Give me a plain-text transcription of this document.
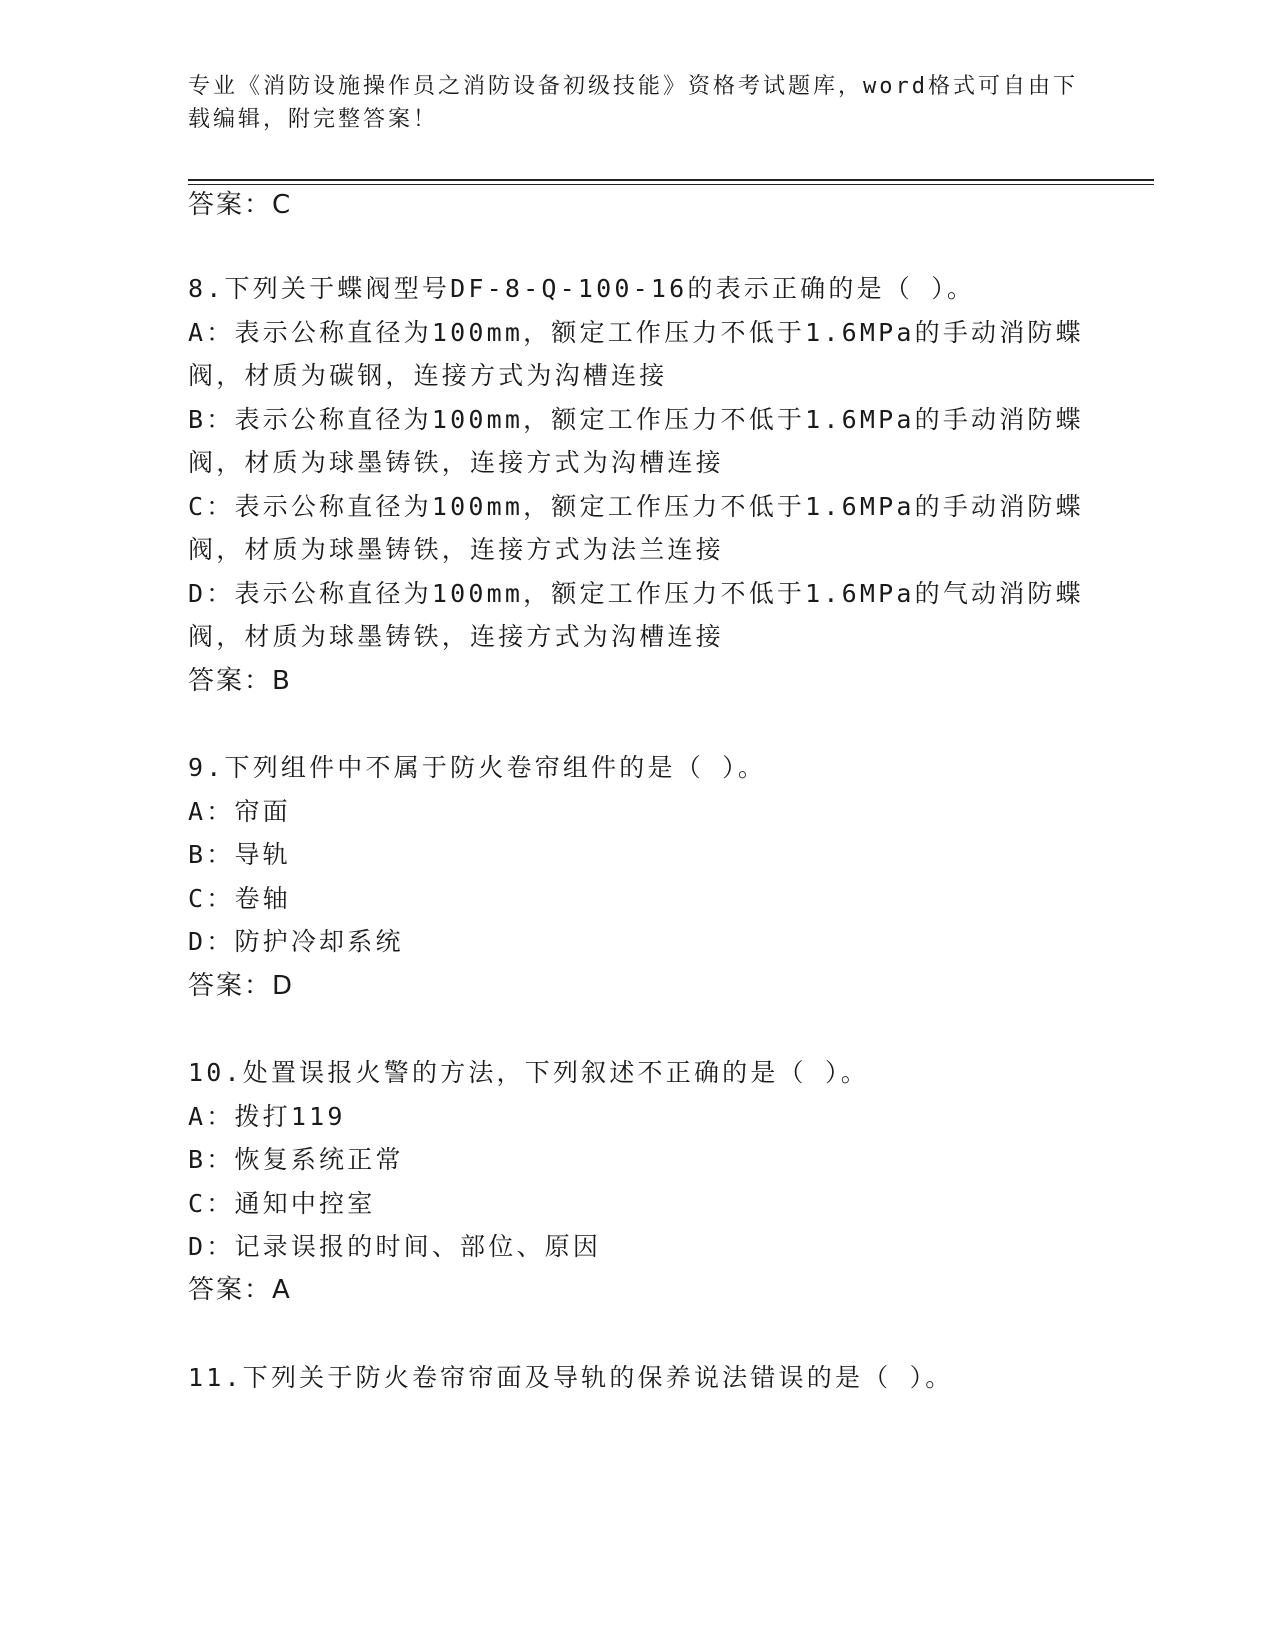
专业《消防设施操作员之消防设备初级技能》资格考试题库，word格式可自由下
载编辑，附完整答案！
答案：C
8.下列关于蝶阀型号DF-8-Q-100-16的表示正确的是（ ）。
A：表示公称直径为100mm，额定工作压力不低于1.6MPa的手动消防蝶
阀，材质为碳钢，连接方式为沟槽连接
B：表示公称直径为100mm，额定工作压力不低于1.6MPa的手动消防蝶
阀，材质为球墨铸铁，连接方式为沟槽连接
C：表示公称直径为100mm，额定工作压力不低于1.6MPa的手动消防蝶
阀，材质为球墨铸铁，连接方式为法兰连接
D：表示公称直径为100mm，额定工作压力不低于1.6MPa的气动消防蝶
阀，材质为球墨铸铁，连接方式为沟槽连接
答案：B
9.下列组件中不属于防火卷帘组件的是（ ）。
A：帘面
B：导轨
C：卷轴
D：防护冷却系统
答案：D
10.处置误报火警的方法，下列叙述不正确的是（ ）。
A：拨打119
B：恢复系统正常
C：通知中控室
D：记录误报的时间、部位、原因
答案：A
11.下列关于防火卷帘帘面及导轨的保养说法错误的是（ ）。
